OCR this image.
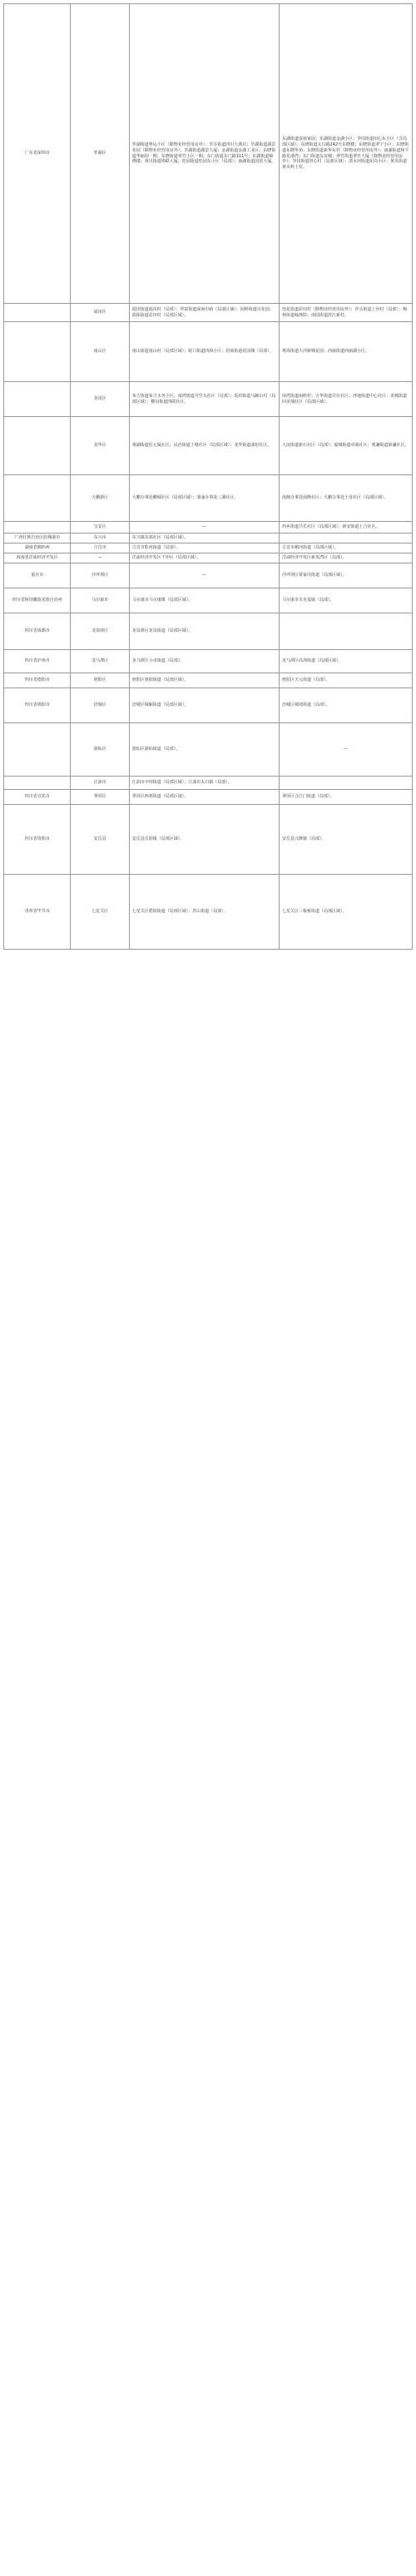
广东省深圳市	罗湖区	罗湖街道粤运小区（除物业经营用房外）；萃芬街道四川大酒店；萃湖街道湖景花园（除物业经营用房外）；萃湖街道湖景大厦；金湖街道金湖工业区；东晓街道华丽园一期；东晓街道翠竹小区一期；东门街道东门路111号；东湖街道锦绣楼；黄贝街道锦联大厦；桂园街道松园东小区（局部）；南湖街道国贸大厦。	东湖街道富丽家园；东湖街道金湖小区；笋岗街道田心东小区（含局部区域）；东晓街道太白路242号东晓楼；东晓街道翠宁小区；东晓街道东晓华苑；东晓街道新华东村（除物业经营用房外）；南湖街道和平路星港湾；东门街道友谊城；翠竹街道翠竹大厦（除物业经营用房外）；笋岗街道田心村（局部区域）；清水河街道泥岗小区；黄贝街道黄贝岭上村。
	福田区	福田街道福田村（局部）；华富街道深南中路（局部区域）；园岭街道百花园；福保街道益田村（局部区域）。	莲花街道彩田村（除物业经营用房外）；沙头街道上沙村（局部）；梅林街道翰林院；南园街道滨江新村。
	南山区	南山街道南山村（局部区域）；蛇口街道四海小区；招商街道花园城（局部）。	粤海街道大冲新城花园；西丽街道西丽湖小区。
	龙岗区	布吉街道布吉水务小区；南湾街道丹竹头社区（局部）；坂田街道马蹄山村（局部区域）；横岗街道四联社区。	南湾街道南岭村；吉华街道甘坑社区；坪地街道中心社区；龙城街道回龙埔社区（局部区域）。
	龙华区	观湖街道松元厦社区；民治街道上塘社区（局部区域）；龙华街道油松社区。	大浪街道新石社区（局部）；福城街道章阁社区；观澜街道新澜社区。
	大鹏新区	大鹏办事处鹏城社区（局部区域）；葵涌办事处三溪社区。	南澳办事处南隆社区；大鹏办事处王母社区（局部区域）。
	宝安区	—	西乡街道共乐社区（局部区域）；新安街道上合社区。
广西壮族自治区防城港市	东兴市	东兴镇东郊社区（局部区域）。	
湖南省湘西州	吉首市	吉首市乾州街道（局部）。	吉首市峒河街道（局部区域）。
海南省洋浦经济开发区	—	洋浦经济开发区干冲区（局部区域）。	洋浦经济开发区新英湾区（局部）。
重庆市	沙坪坝区	—	沙坪坝区覃家岗街道（局部区域）。
四川省阿坝藏族羌族自治州	马尔康市	马尔康市马尔康镇（局部区域）。	马尔康市卓克基镇（局部）。
四川省成都市	龙泉驿区	龙泉驿区龙泉街道（局部区域）。	
四川省泸州市	龙马潭区	龙马潭区小市街道（局部）。	龙马潭区高坝街道（局部区域）。
四川省德阳市	旌阳区	旌阳区旌阳街道（局部区域）。	旌阳区天元街道（局部）。
四川省绵阳市	涪城区	涪城区城厢街道（局部区域）。	涪城区城郊街道（局部）。
	游仙区	游仙区游仙街道（局部）。	—
	江油市	江油市中坝街道（局部区域）；江油市太白镇（局部）。	
四川省宜宾市	翠屏区	翠屏区西郊街道（局部区域）。	翠屏区合江门街道（局部）。
四川省资阳市	安岳县	安岳县岳阳镇（局部区域）。	安岳县兴隆镇（局部）。
贵州省毕节市	七星关区	七星关区碧阳街道（局部区域）；洪山街道（局部）。	七星关区三板桥街道（局部区域）。
